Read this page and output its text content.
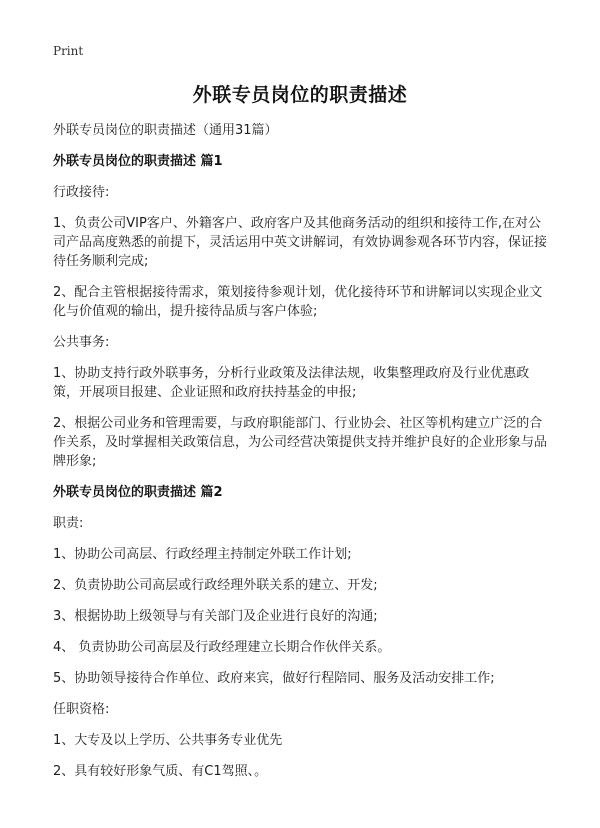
Print
外联专员岗位的职责描述

外联专员岗位的职责描述（通用31篇）

外联专员岗位的职责描述 篇1

行政接待:

1、负责公司VIP客户、外籍客户、政府客户及其他商务活动的组织和接待工作,在对公司产品高度熟悉的前提下，灵活运用中英文讲解词，有效协调参观各环节内容，保证接待任务顺利完成;

2、配合主管根据接待需求，策划接待参观计划，优化接待环节和讲解词以实现企业文化与价值观的输出，提升接待品质与客户体验;

公共事务:

1、协助支持行政外联事务，分析行业政策及法律法规，收集整理政府及行业优惠政策，开展项目报建、企业证照和政府扶持基金的申报;

2、根据公司业务和管理需要，与政府职能部门、行业协会、社区等机构建立广泛的合作关系，及时掌握相关政策信息，为公司经营决策提供支持并维护良好的企业形象与品牌形象;

外联专员岗位的职责描述 篇2

职责:

1、协助公司高层、行政经理主持制定外联工作计划;

2、负责协助公司高层或行政经理外联关系的建立、开发;

3、根据协助上级领导与有关部门及企业进行良好的沟通;

4、 负责协助公司高层及行政经理建立长期合作伙伴关系。

5、协助领导接待合作单位、政府来宾，做好行程陪同、服务及活动安排工作;

任职资格:

1、大专及以上学历、公共事务专业优先

2、具有较好形象气质、有C1驾照、。
